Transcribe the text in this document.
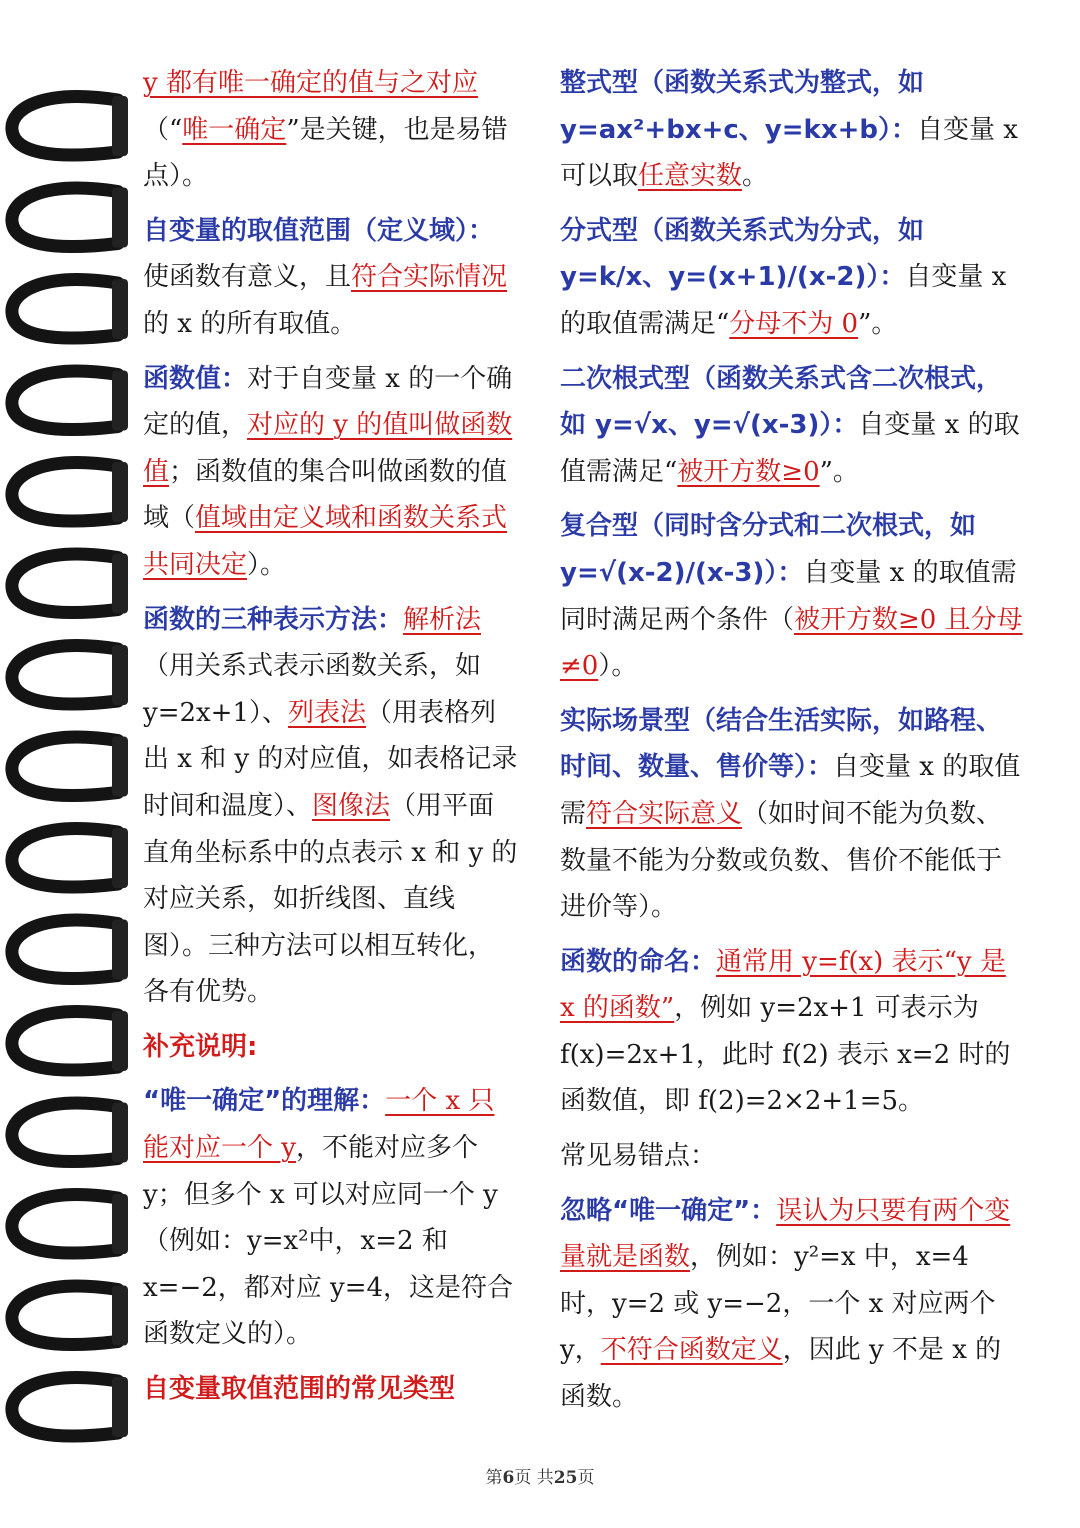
y 都有唯一确定的值与之对应（“唯一确定”是关键，也是易错点）。

自变量的取值范围（定义域）：使函数有意义，且符合实际情况的 x 的所有取值。

函数值：对于自变量 x 的一个确定的值，对应的 y 的值叫做函数值；函数值的集合叫做函数的值域（值域由定义域和函数关系式共同决定）。

函数的三种表示方法：解析法（用关系式表示函数关系，如 y=2x+1）、列表法（用表格列出 x 和 y 的对应值，如表格记录时间和温度）、图像法（用平面直角坐标系中的点表示 x 和 y 的对应关系，如折线图、直线图）。三种方法可以相互转化，各有优势。

补充说明:

“唯一确定”的理解：一个 x 只能对应一个 y，不能对应多个 y；但多个 x 可以对应同一个 y（例如：y=x²中，x=2 和 x=−2，都对应 y=4，这是符合函数定义的）。

自变量取值范围的常见类型

整式型（函数关系式为整式，如 y=ax²+bx+c、y=kx+b）：自变量 x 可以取任意实数。

分式型（函数关系式为分式，如 y=k/x、y=(x+1)/(x-2)）：自变量 x 的取值需满足“分母不为 0”。

二次根式型（函数关系式含二次根式，如 y=√x、y=√(x-3)）：自变量 x 的取值需满足“被开方数≥0”。

复合型（同时含分式和二次根式，如 y=√(x-2)/(x-3)）：自变量 x 的取值需同时满足两个条件（被开方数≥0 且分母≠0）。

实际场景型（结合生活实际，如路程、时间、数量、售价等）：自变量 x 的取值需符合实际意义（如时间不能为负数、数量不能为分数或负数、售价不能低于进价等）。

函数的命名：通常用 y=f(x) 表示“y 是 x 的函数”，例如 y=2x+1 可表示为 f(x)=2x+1，此时 f(2) 表示 x=2 时的函数值，即 f(2)=2×2+1=5。

常见易错点：

忽略“唯一确定”：误认为只要有两个变量就是函数，例如：y²=x 中，x=4 时，y=2 或 y=−2，一个 x 对应两个 y，不符合函数定义，因此 y 不是 x 的函数。

第6页 共25页
